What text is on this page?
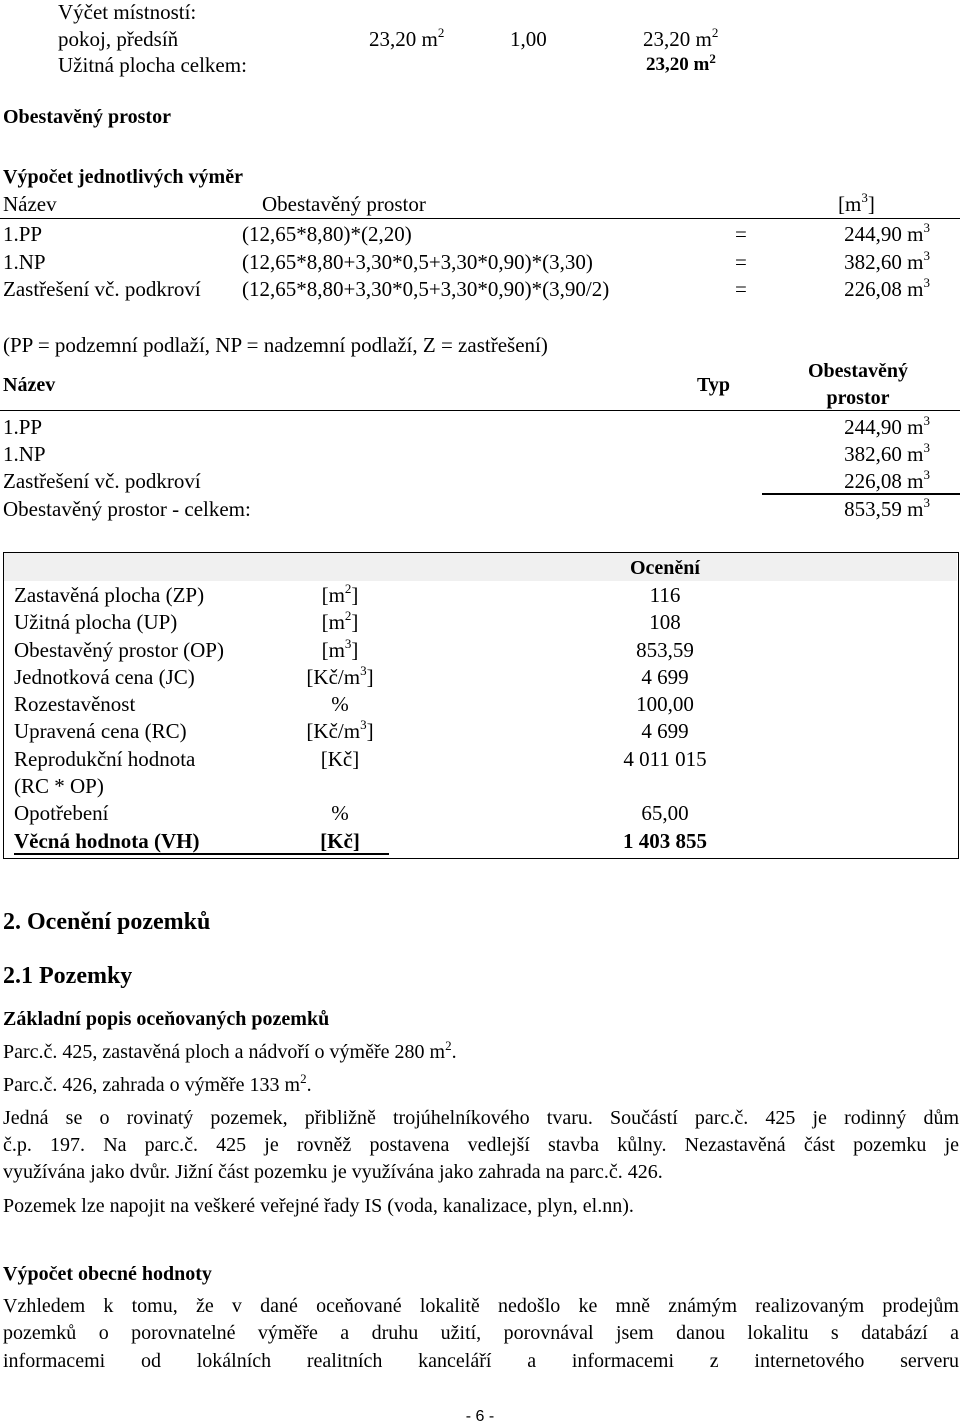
Výčet místností:
pokoj, předsíň	23,20 $m^2$	1,00	23,20 $m^2$
Užitná plocha celkem:	23,20 $m^2$
Obestavěný prostor
Výpočet jednotlivých výměr
Název	Obestavěný prostor	$[m^3]$
1.PP	(12,65*8,80)*(2,20)	=	244,90 $m^3$
1.NP	(12,65*8,80+3,30*0,5+3,30*0,90)*(3,30)	=	382,60 $m^3$
Zastřešení vč. podkroví (12,65*8,80+3,30*0,5+3,30*0,90)*(3,90/2)	=	226,08 $m^3$
(PP = podzemní podlaží, NP = nadzemní podlaží, Z = zastřešení)
Název	Typ
Obestavěný
prostor
1.PP	244,90 $m^3$
1.NP	382,60 $m^3$
Zastřešení vč. podkroví	226,08 $m^3$
Obestavěný prostor - celkem:	853,59 $m^3$
Ocenění
Zastavěná plocha (ZP)	$[m^2]$	116
Užitná plocha (UP)	$[m^2]$	108
Obestavěný prostor (OP)	$[m^3]$	853,59
Jednotková cena (JC)	$[Kč/m^3]$	4 699
Rozestavěnost	%	100,00
Upravená cena (RC)	$[Kč/m^3]$	4 699
Reprodukční hodnota	[Kč]	4 011 015
(RC * OP)
Opotřebení	%	65,00
Věcná hodnota (VH)	[Kč]	1 403 855
2. Ocenění pozemků
2.1 Pozemky
Základní popis oceňovaných pozemků
Parc.č. 425, zastavěná ploch a nádvoří o výměře 280 $m^2$.
Parc.č. 426, zahrada o výměře 133 $m^2$.
Jedná se o rovinatý pozemek, přibližně trojúhelníkového tvaru. Součástí parc.č. 425 je rodinný dům
č.p. 197. Na parc.č. 425 je rovněž postavena vedlejší stavba kůlny. Nezastavěná část pozemku je
využívána jako dvůr. Jižní část pozemku je využívána jako zahrada na parc.č. 426.
Pozemek lze napojit na veškeré veřejné řady IS (voda, kanalizace, plyn, el.nn).
Výpočet obecné hodnoty
Vzhledem k tomu, že v dané oceňované lokalitě nedošlo ke mně známým realizovaným prodejům
pozemků o porovnatelné výměře a druhu užití, porovnával jsem danou lokalitu s databází a
informacemi od lokálních realitních kanceláří a informacemi z internetového serveru
- 6 -
